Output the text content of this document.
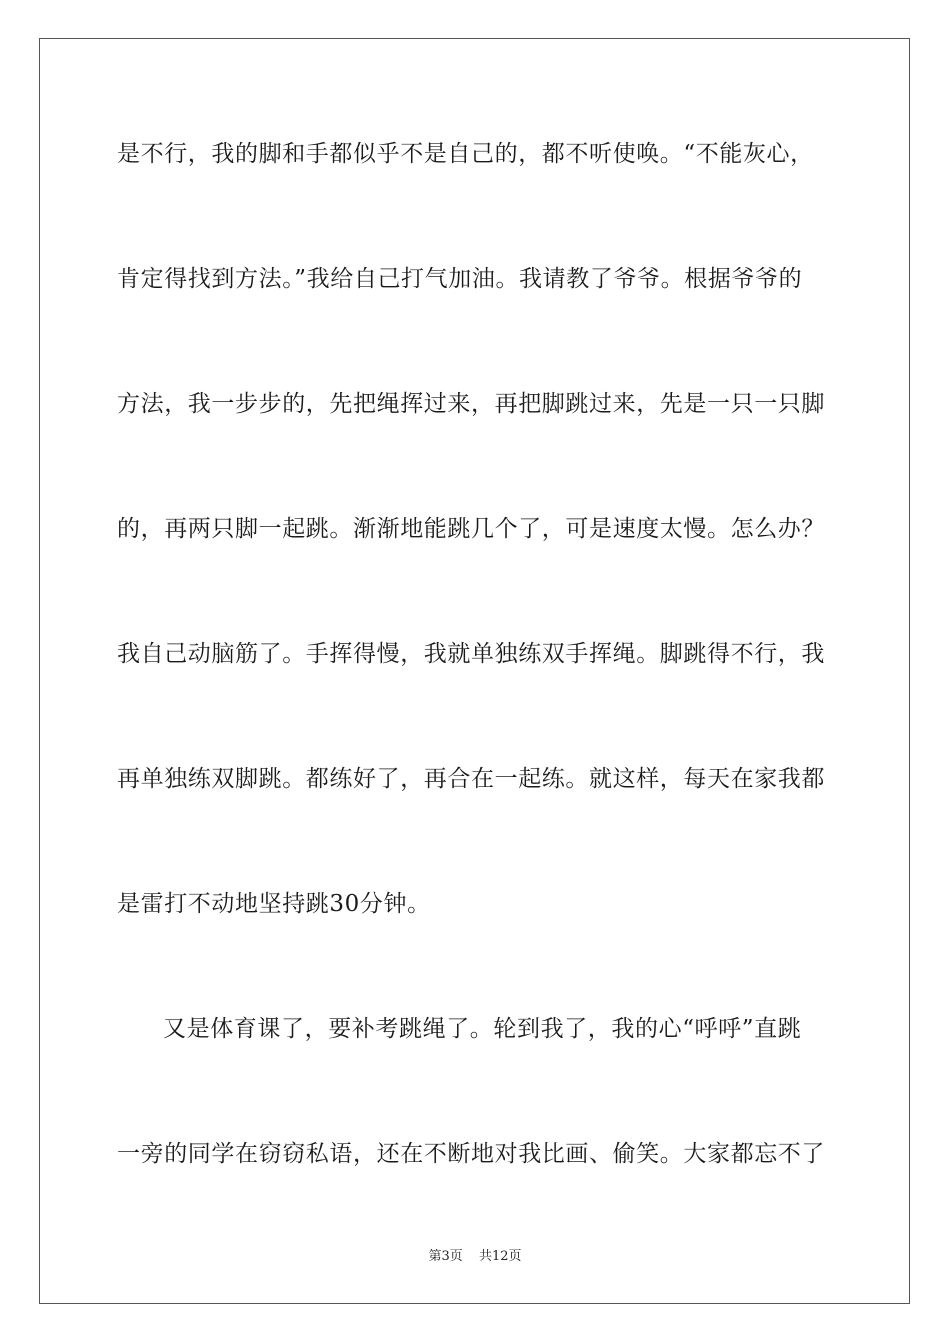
是不行，我的脚和手都似乎不是自己的，都不听使唤。“不能灰心，
肯定得找到方法。”我给自己打气加油。我请教了爷爷。根据爷爷的
方法，我一步步的，先把绳挥过来，再把脚跳过来，先是一只一只脚
的，再两只脚一起跳。渐渐地能跳几个了，可是速度太慢。怎么办？
我自己动脑筋了。手挥得慢，我就单独练双手挥绳。脚跳得不行，我
再单独练双脚跳。都练好了，再合在一起练。就这样，每天在家我都
是雷打不动地坚持跳30分钟。
又是体育课了，要补考跳绳了。轮到我了，我的心“呼呼”直跳
一旁的同学在窃窃私语，还在不断地对我比画、偷笑。大家都忘不了
第3页 共12页
